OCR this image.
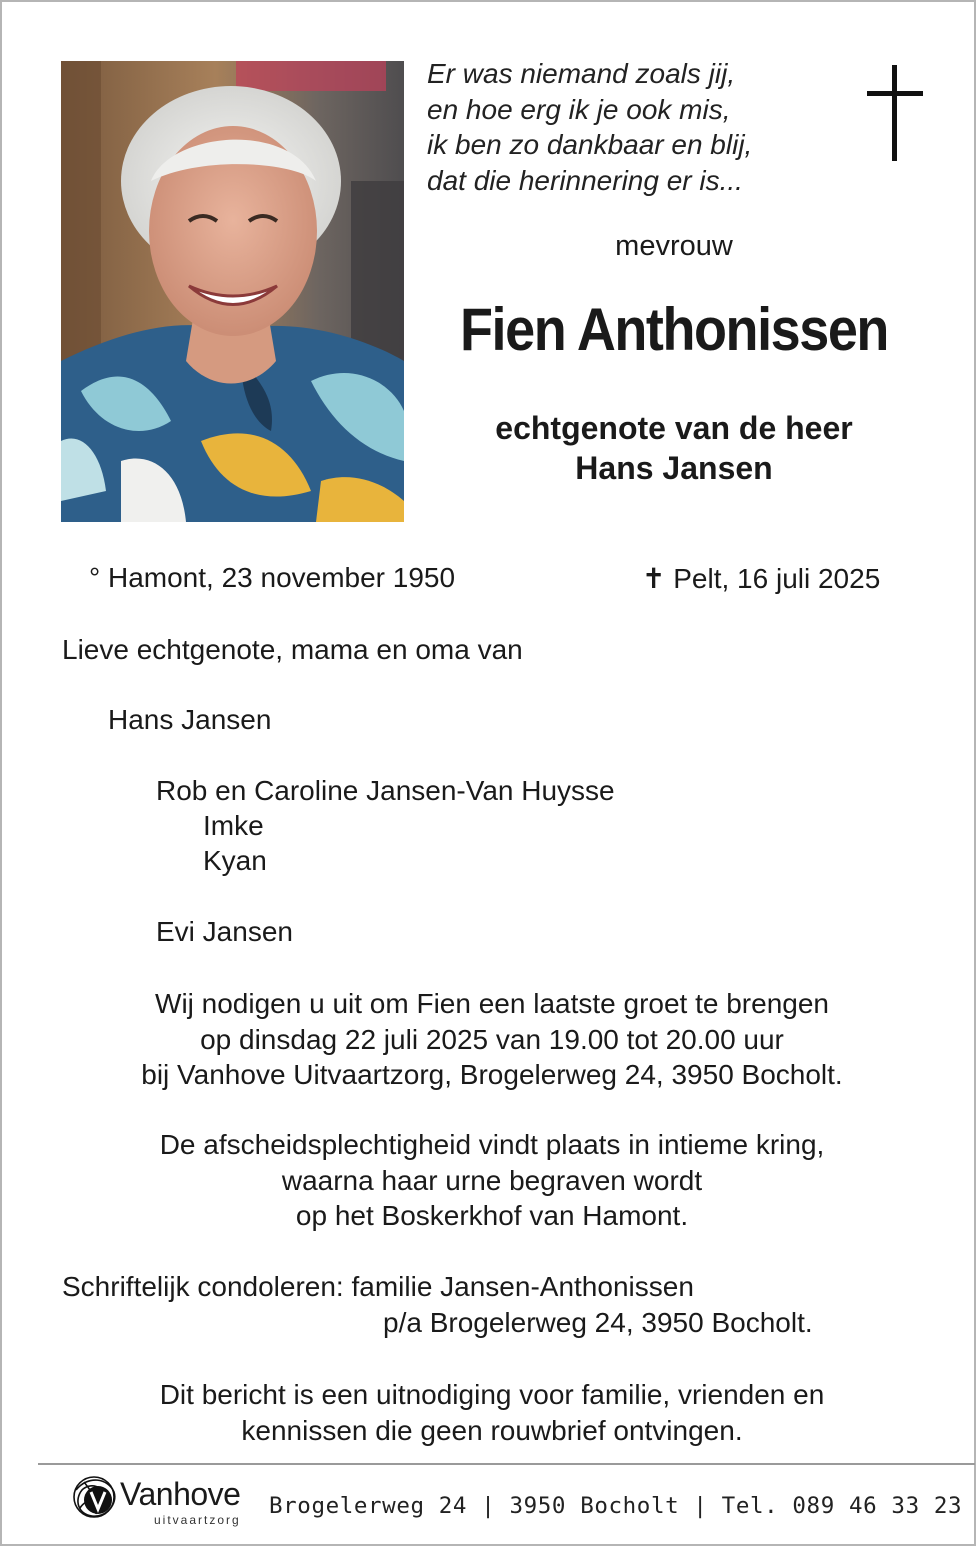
Er was niemand zoals jij,
en hoe erg ik je ook mis,
ik ben zo dankbaar en blij,
dat die herinnering er is...
mevrouw
Fien Anthonissen
echtgenote van de heer
Hans Jansen
° Hamont, 23 november 1950	✝ Pelt, 16 juli 2025
Lieve echtgenote, mama en oma van
Hans Jansen
Rob en Caroline Jansen-Van Huysse
Imke
Kyan
Evi Jansen
Wij nodigen u uit om Fien een laatste groet te brengen
op dinsdag 22 juli 2025 van 19.00 tot 20.00 uur
bij Vanhove Uitvaartzorg, Brogelerweg 24, 3950 Bocholt.
De afscheidsplechtigheid vindt plaats in intieme kring,
waarna haar urne begraven wordt
op het Boskerkhof van Hamont.
Schriftelijk condoleren: familie Jansen-Anthonissen
p/a Brogelerweg 24, 3950 Bocholt.
Dit bericht is een uitnodiging voor familie, vrienden en
kennissen die geen rouwbrief ontvingen.
Vanhove
uitvaartzorg
Brogelerweg 24 | 3950 Bocholt | Tel. 089 46 33 23
